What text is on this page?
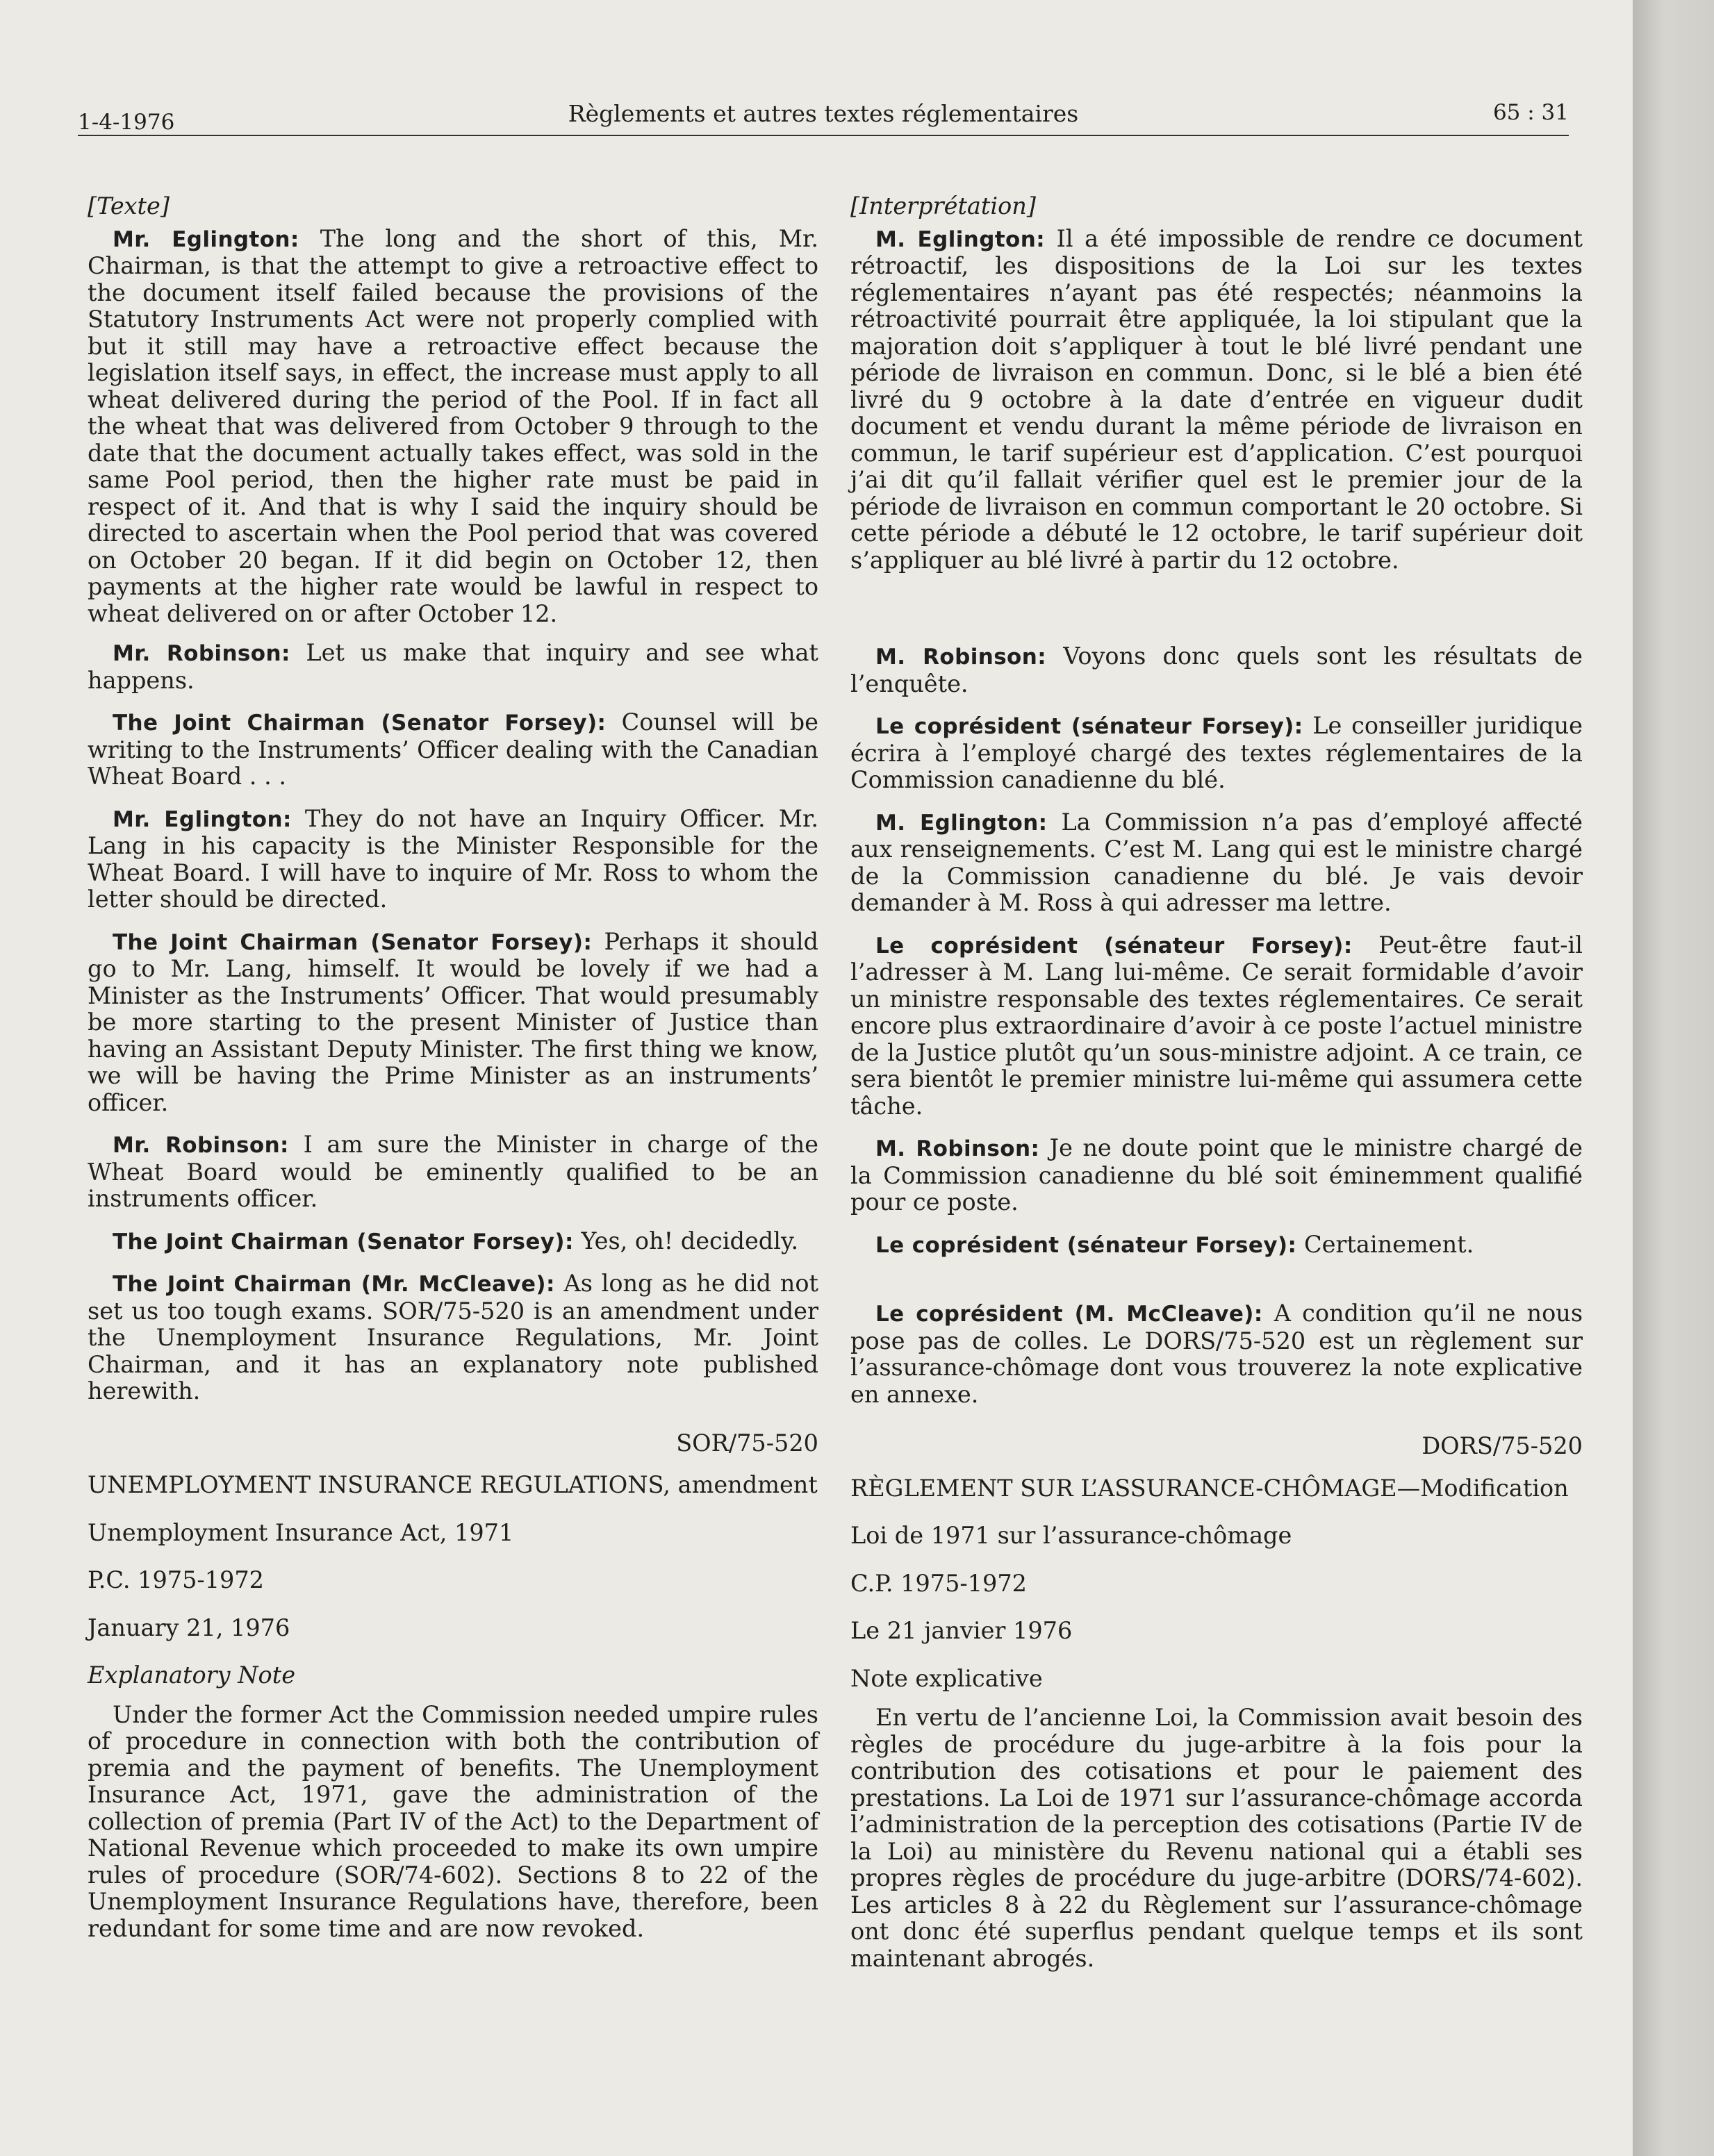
1-4-1976	Règlements et autres textes réglementaires	65 : 31

[Texte]

Mr. Eglington: The long and the short of this, Mr. Chairman, is that the attempt to give a retroactive effect to the document itself failed because the provisions of the Statutory Instruments Act were not properly complied with but it still may have a retroactive effect because the legislation itself says, in effect, the increase must apply to all wheat delivered during the period of the Pool. If in fact all the wheat that was delivered from October 9 through to the date that the document actually takes effect, was sold in the same Pool period, then the higher rate must be paid in respect of it. And that is why I said the inquiry should be directed to ascertain when the Pool period that was covered on October 20 began. If it did begin on October 12, then payments at the higher rate would be lawful in respect to wheat delivered on or after October 12.

Mr. Robinson: Let us make that inquiry and see what happens.

The Joint Chairman (Senator Forsey): Counsel will be writing to the Instruments’ Officer dealing with the Canadian Wheat Board . . .

Mr. Eglington: They do not have an Inquiry Officer. Mr. Lang in his capacity is the Minister Responsible for the Wheat Board. I will have to inquire of Mr. Ross to whom the letter should be directed.

The Joint Chairman (Senator Forsey): Perhaps it should go to Mr. Lang, himself. It would be lovely if we had a Minister as the Instruments’ Officer. That would presumably be more starting to the present Minister of Justice than having an Assistant Deputy Minister. The first thing we know, we will be having the Prime Minister as an instruments’ officer.

Mr. Robinson: I am sure the Minister in charge of the Wheat Board would be eminently qualified to be an instruments officer.

The Joint Chairman (Senator Forsey): Yes, oh! decidedly.

The Joint Chairman (Mr. McCleave): As long as he did not set us too tough exams. SOR/75-520 is an amendment under the Unemployment Insurance Regulations, Mr. Joint Chairman, and it has an explanatory note published herewith.

SOR/75-520
UNEMPLOYMENT INSURANCE REGULATIONS, amendment
Unemployment Insurance Act, 1971
P.C. 1975-1972
January 21, 1976
Explanatory Note

Under the former Act the Commission needed umpire rules of procedure in connection with both the contribution of premia and the payment of benefits. The Unemployment Insurance Act, 1971, gave the administration of the collection of premia (Part IV of the Act) to the Department of National Revenue which proceeded to make its own umpire rules of procedure (SOR/74-602). Sections 8 to 22 of the Unemployment Insurance Regulations have, therefore, been redundant for some time and are now revoked.

[Interprétation]

M. Eglington: Il a été impossible de rendre ce document rétroactif, les dispositions de la Loi sur les textes réglementaires n’ayant pas été respectés; néanmoins la rétroactivité pourrait être appliquée, la loi stipulant que la majoration doit s’appliquer à tout le blé livré pendant une période de livraison en commun. Donc, si le blé a bien été livré du 9 octobre à la date d’entrée en vigueur dudit document et vendu durant la même période de livraison en commun, le tarif supérieur est d’application. C’est pourquoi j’ai dit qu’il fallait vérifier quel est le premier jour de la période de livraison en commun comportant le 20 octobre. Si cette période a débuté le 12 octobre, le tarif supérieur doit s’appliquer au blé livré à partir du 12 octobre.

M. Robinson: Voyons donc quels sont les résultats de l’enquête.

Le coprésident (sénateur Forsey): Le conseiller juridique écrira à l’employé chargé des textes réglementaires de la Commission canadienne du blé.

M. Eglington: La Commission n’a pas d’employé affecté aux renseignements. C’est M. Lang qui est le ministre chargé de la Commission canadienne du blé. Je vais devoir demander à M. Ross à qui adresser ma lettre.

Le coprésident (sénateur Forsey): Peut-être faut-il l’adresser à M. Lang lui-même. Ce serait formidable d’avoir un ministre responsable des textes réglementaires. Ce serait encore plus extraordinaire d’avoir à ce poste l’actuel ministre de la Justice plutôt qu’un sous-ministre adjoint. A ce train, ce sera bientôt le premier ministre lui-même qui assumera cette tâche.

M. Robinson: Je ne doute point que le ministre chargé de la Commission canadienne du blé soit éminemment qualifié pour ce poste.

Le coprésident (sénateur Forsey): Certainement.

Le coprésident (M. McCleave): A condition qu’il ne nous pose pas de colles. Le DORS/75-520 est un règlement sur l’assurance-chômage dont vous trouverez la note explicative en annexe.

DORS/75-520
RÈGLEMENT SUR L’ASSURANCE-CHÔMAGE—Modification
Loi de 1971 sur l’assurance-chômage
C.P. 1975-1972
Le 21 janvier 1976
Note explicative

En vertu de l’ancienne Loi, la Commission avait besoin des règles de procédure du juge-arbitre à la fois pour la contribution des cotisations et pour le paiement des prestations. La Loi de 1971 sur l’assurance-chômage accorda l’administration de la perception des cotisations (Partie IV de la Loi) au ministère du Revenu national qui a établi ses propres règles de procédure du juge-arbitre (DORS/74-602). Les articles 8 à 22 du Règlement sur l’assurance-chômage ont donc été superflus pendant quelque temps et ils sont maintenant abrogés.
